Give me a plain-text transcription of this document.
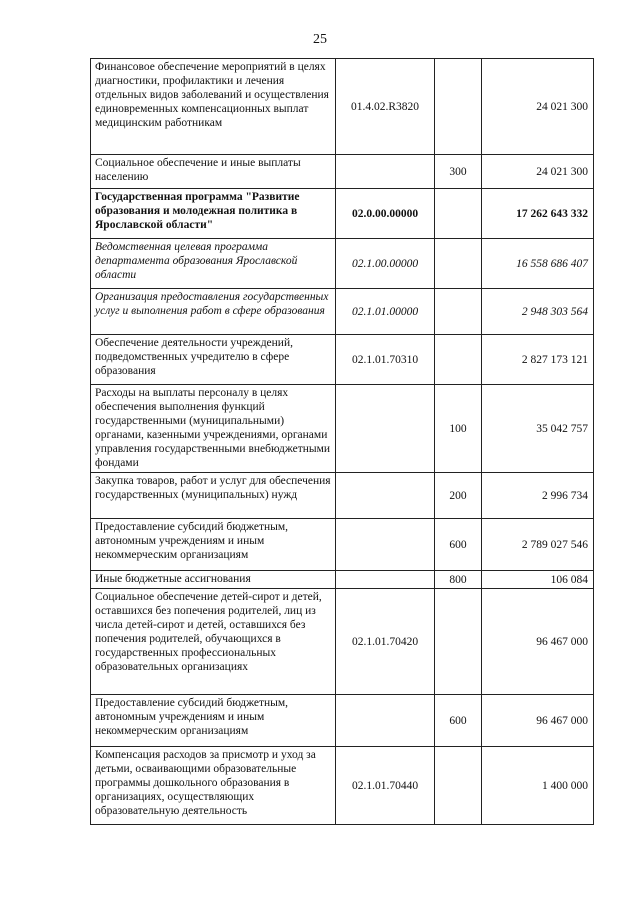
25
Финансовое обеспечение мероприятий в целях диагностики, профилактики и лечения отдельных видов заболеваний и осуществления единовременных компенсационных выплат медицинским работникам	01.4.02.R3820		24 021 300
Социальное обеспечение и иные выплаты населению		300	24 021 300
Государственная программа "Развитие образования и молодежная политика в Ярославской области"	02.0.00.00000		17 262 643 332
Ведомственная целевая программа департамента образования Ярославской области	02.1.00.00000		16 558 686 407
Организация предоставления государственных услуг и выполнения работ в сфере образования	02.1.01.00000		2 948 303 564
Обеспечение деятельности учреждений, подведомственных учредителю в сфере образования	02.1.01.70310		2 827 173 121
Расходы на выплаты персоналу в целях обеспечения выполнения функций государственными (муниципальными) органами, казенными учреждениями, органами управления государственными внебюджетными фондами		100	35 042 757
Закупка товаров, работ и услуг для обеспечения государственных (муниципальных) нужд		200	2 996 734
Предоставление субсидий бюджетным, автономным учреждениям и иным некоммерческим организациям		600	2 789 027 546
Иные бюджетные ассигнования		800	106 084
Социальное обеспечение детей-сирот и детей, оставшихся без попечения родителей, лиц из числа детей-сирот и детей, оставшихся без попечения родителей, обучающихся в государственных профессиональных образовательных организациях	02.1.01.70420		96 467 000
Предоставление субсидий бюджетным, автономным учреждениям и иным некоммерческим организациям		600	96 467 000
Компенсация расходов за присмотр и уход за детьми, осваивающими образовательные программы дошкольного образования в организациях, осуществляющих образовательную деятельность	02.1.01.70440		1 400 000
